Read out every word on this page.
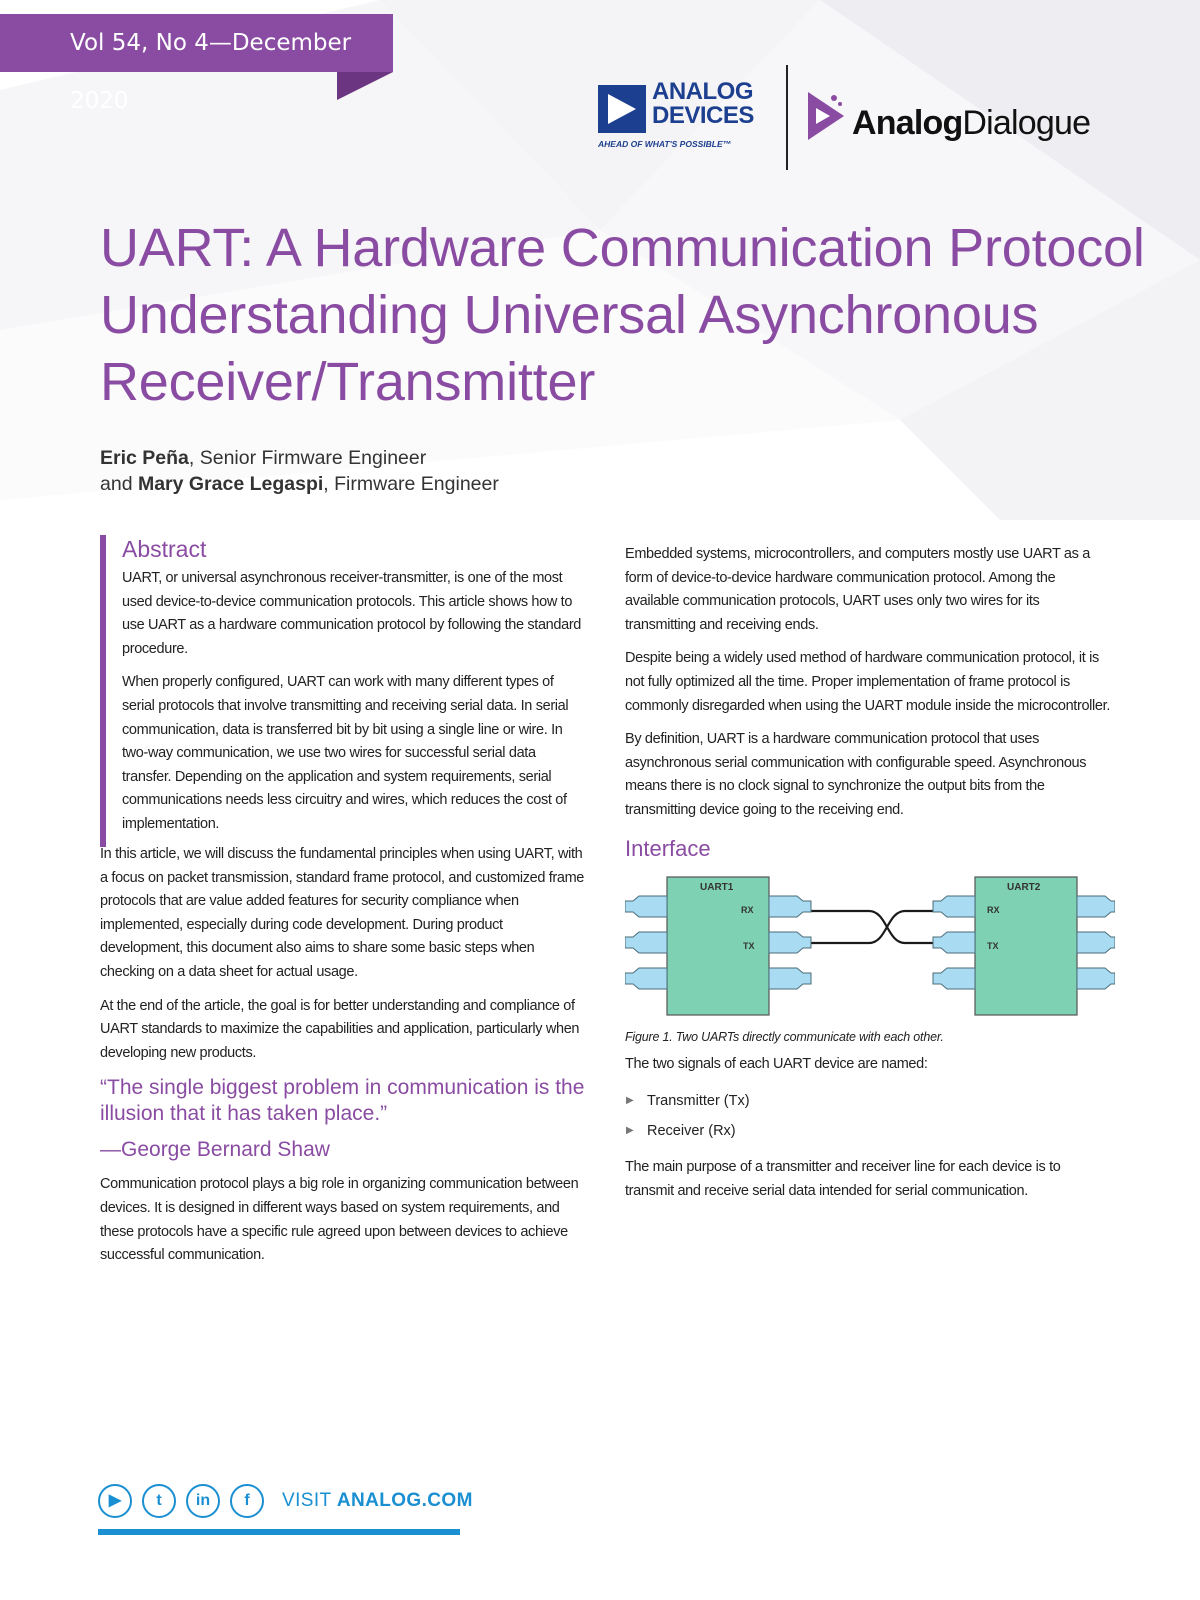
Vol 54, No 4—December 2020	ANALOG
DEVICES
AHEAD OF WHAT'S POSSIBLE™
AnalogDialogue
UART: A Hardware Communication Protocol Understanding Universal Asynchronous Receiver/Transmitter
Eric Peña, Senior Firmware Engineer
and Mary Grace Legaspi, Firmware Engineer
Abstract

UART, or universal asynchronous receiver-transmitter, is one of the most used device-to-device communication protocols. This article shows how to use UART as a hardware communication protocol by following the standard procedure.

When properly configured, UART can work with many different types of serial protocols that involve transmitting and receiving serial data. In serial communication, data is transferred bit by bit using a single line or wire. In two-way communication, we use two wires for successful serial data transfer. Depending on the application and system requirements, serial communications needs less circuitry and wires, which reduces the cost of implementation.

In this article, we will discuss the fundamental principles when using UART, with a focus on packet transmission, standard frame protocol, and customized frame protocols that are value added features for security compliance when implemented, especially during code development. During product development, this document also aims to share some basic steps when checking on a data sheet for actual usage.

At the end of the article, the goal is for better understanding and compliance of UART standards to maximize the capabilities and application, particularly when developing new products.

“The single biggest problem in communication is the illusion that it has taken place.”
—George Bernard Shaw

Communication protocol plays a big role in organizing communication between devices. It is designed in different ways based on system requirements, and these protocols have a specific rule agreed upon between devices to achieve successful communication.

Embedded systems, microcontrollers, and computers mostly use UART as a form of device-to-device hardware communication protocol. Among the available communication protocols, UART uses only two wires for its transmitting and receiving ends.

Despite being a widely used method of hardware communication protocol, it is not fully optimized all the time. Proper implementation of frame protocol is commonly disregarded when using the UART module inside the microcontroller.

By definition, UART is a hardware communication protocol that uses asynchronous serial communication with configurable speed. Asynchronous means there is no clock signal to synchronize the output bits from the transmitting device going to the receiving end.

Interface
UART1
RX
TX
UART2
RX
TX
Figure 1. Two UARTs directly communicate with each other.

The two signals of each UART device are named:

▶ Transmitter (Tx)
▶ Receiver (Rx)

The main purpose of a transmitter and receiver line for each device is to transmit and receive serial data intended for serial communication.

▶	t	in	f	VISIT ANALOG.COM
